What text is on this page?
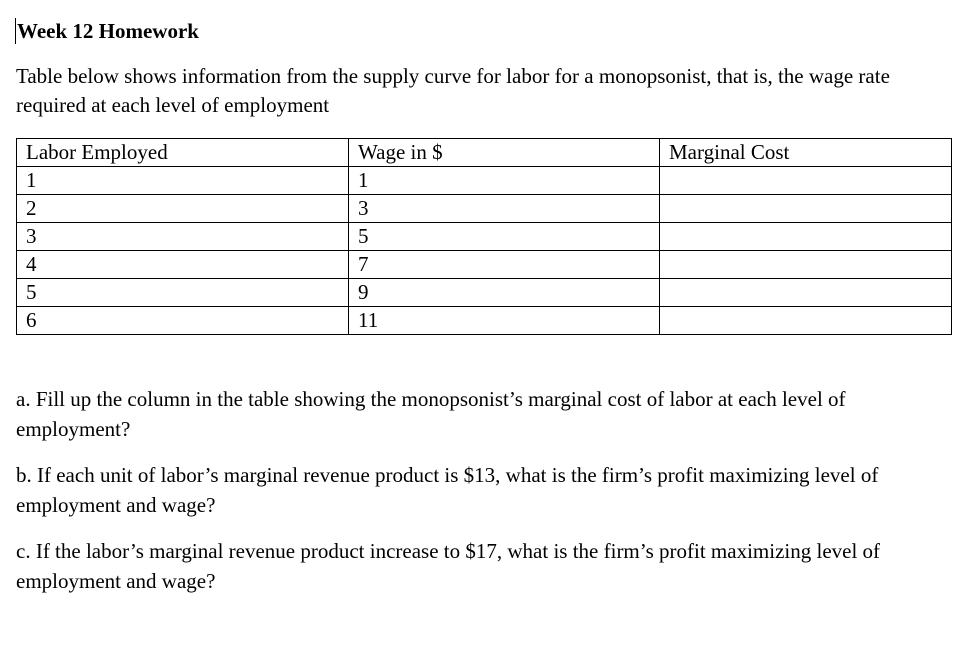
Week 12 Homework
Table below shows information from the supply curve for labor for a monopsonist, that is, the wage rate required at each level of employment
Labor Employed	Wage in $	Marginal Cost
1	1	
2	3	
3	5	
4	7	
5	9	
6	11	

a. Fill up the column in the table showing the monopsonist’s marginal cost of labor at each level of employment?

b. If each unit of labor’s marginal revenue product is $13, what is the firm’s profit maximizing level of employment and wage?

c. If the labor’s marginal revenue product increase to $17, what is the firm’s profit maximizing level of employment and wage?
